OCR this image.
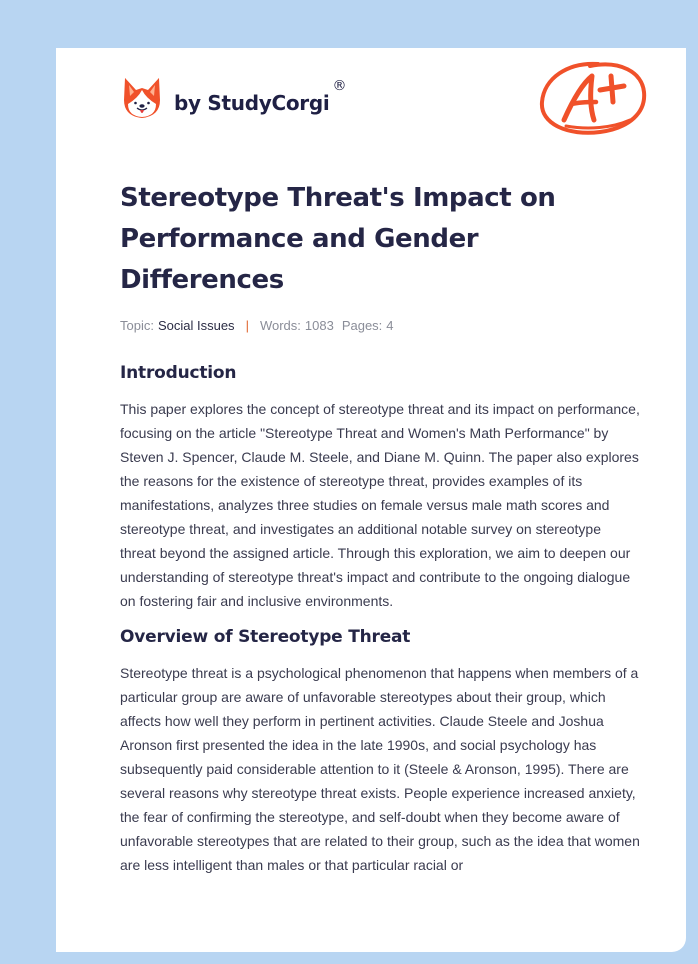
by StudyCorgi
®
Stereotype Threat's Impact on Performance and Gender Differences
Topic: Social Issues | Words: 1083 Pages: 4
Introduction

This paper explores the concept of stereotype threat and its impact on performance, focusing on the article "Stereotype Threat and Women's Math Performance" by Steven J. Spencer, Claude M. Steele, and Diane M. Quinn. The paper also explores the reasons for the existence of stereotype threat, provides examples of its manifestations, analyzes three studies on female versus male math scores and stereotype threat, and investigates an additional notable survey on stereotype threat beyond the assigned article. Through this exploration, we aim to deepen our understanding of stereotype threat's impact and contribute to the ongoing dialogue on fostering fair and inclusive environments.

Overview of Stereotype Threat

Stereotype threat is a psychological phenomenon that happens when members of a particular group are aware of unfavorable stereotypes about their group, which affects how well they perform in pertinent activities. Claude Steele and Joshua Aronson first presented the idea in the late 1990s, and social psychology has subsequently paid considerable attention to it (Steele & Aronson, 1995). There are several reasons why stereotype threat exists. People experience increased anxiety, the fear of confirming the stereotype, and self-doubt when they become aware of unfavorable stereotypes that are related to their group, such as the idea that women are less intelligent than males or that particular racial or
